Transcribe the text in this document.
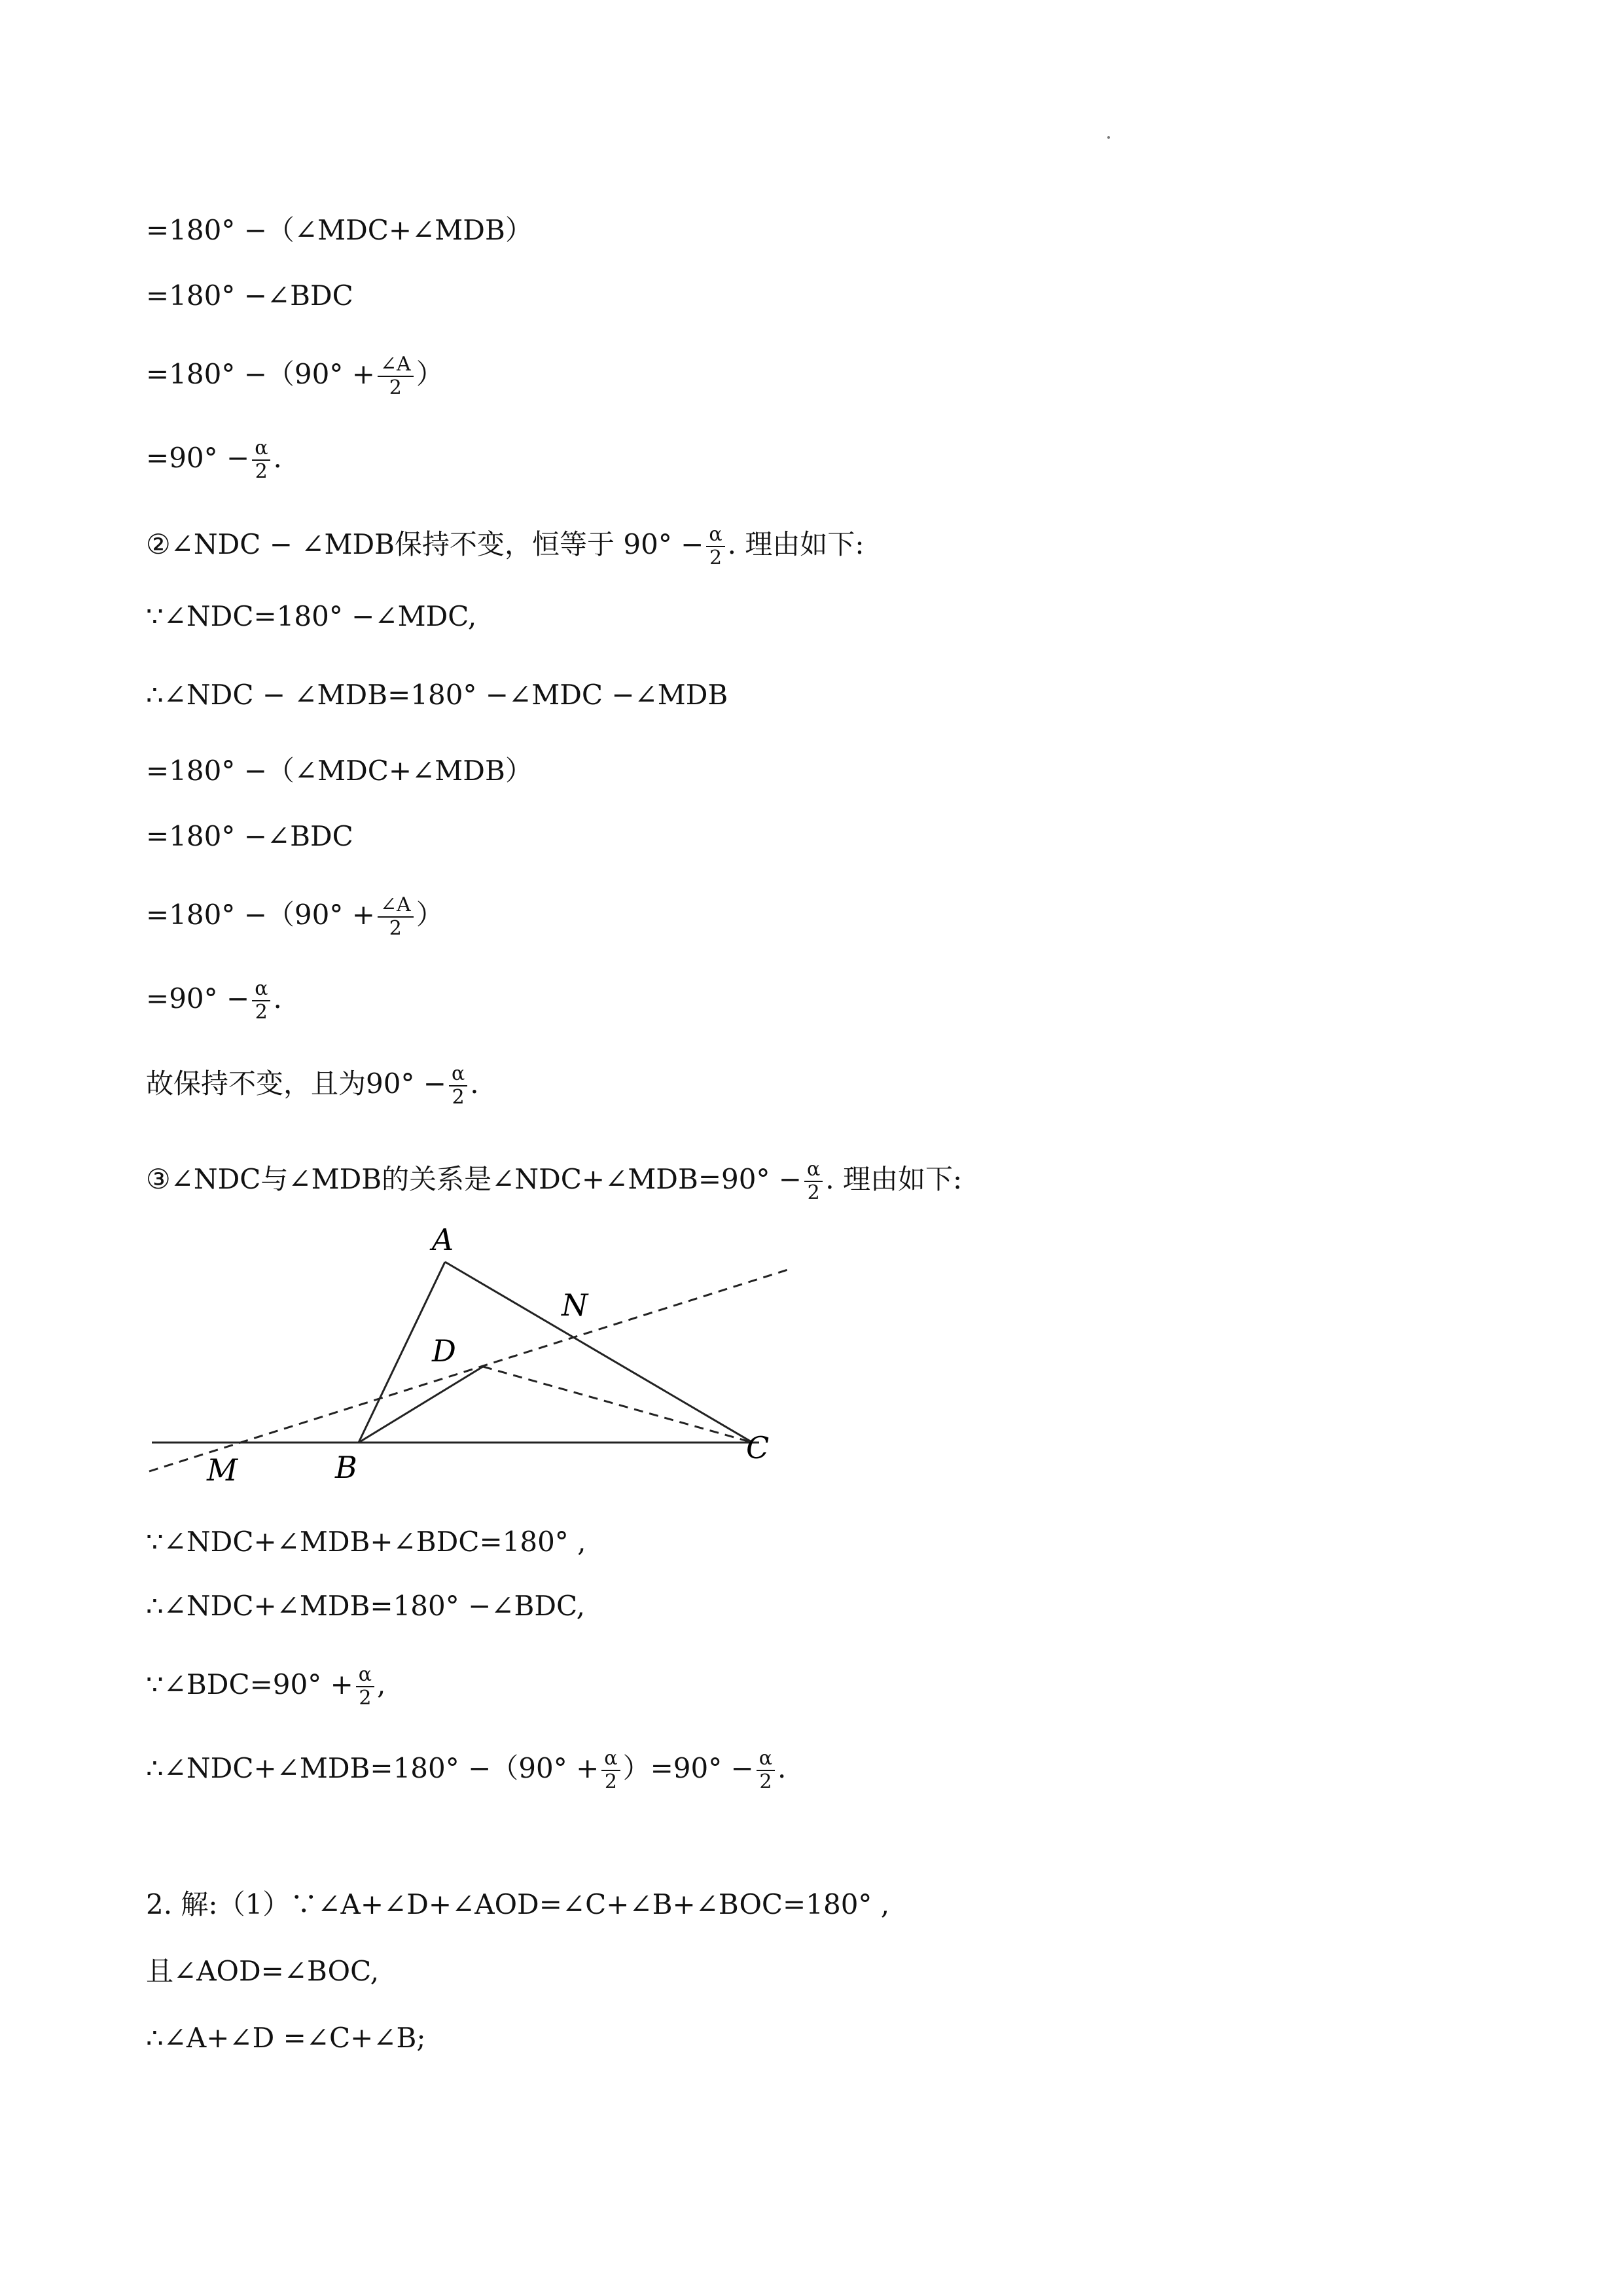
=180° −（∠MDC+∠MDB）
=180° −∠BDC
$=180^\circ -(90^\circ + \frac{\angle A}{2}$ ）
$=90^\circ - \frac{\alpha}{2}$ .
②∠NDC − ∠MDB保持不变，恒等于 $90^\circ - \frac{\alpha}{2}$ . 理由如下:
∵∠NDC=180° −∠MDC,
∴∠NDC − ∠MDB=180° −∠MDC −∠MDB
=180° −（∠MDC+∠MDB）
=180° −∠BDC
$=180^\circ -(90^\circ + \frac{\angle A}{2}$ ）
$=90^\circ - \frac{\alpha}{2}$ .
故保持不变，且为$90^\circ - \frac{\alpha}{2}$ .
③∠NDC与∠MDB的关系是∠NDC+∠MDB=90° − $\frac{\alpha}{2}$ . 理由如下:
A
N
D
M	B
C
∵∠NDC+∠MDB+∠BDC=180° ,
∴∠NDC+∠MDB=180° −∠BDC,
∵∠BDC=90° + $\frac{\alpha}{2}$ ,
∴∠NDC+∠MDB=180° $-(90^\circ + \frac{\alpha}{2} )=90^\circ - \frac{\alpha}{2}$ .
2. 解:（1）∵∠A+∠D+∠AOD=∠C+∠B+∠BOC=180° ,
且∠AOD=∠BOC,
∴∠A+∠D =∠C+∠B;
